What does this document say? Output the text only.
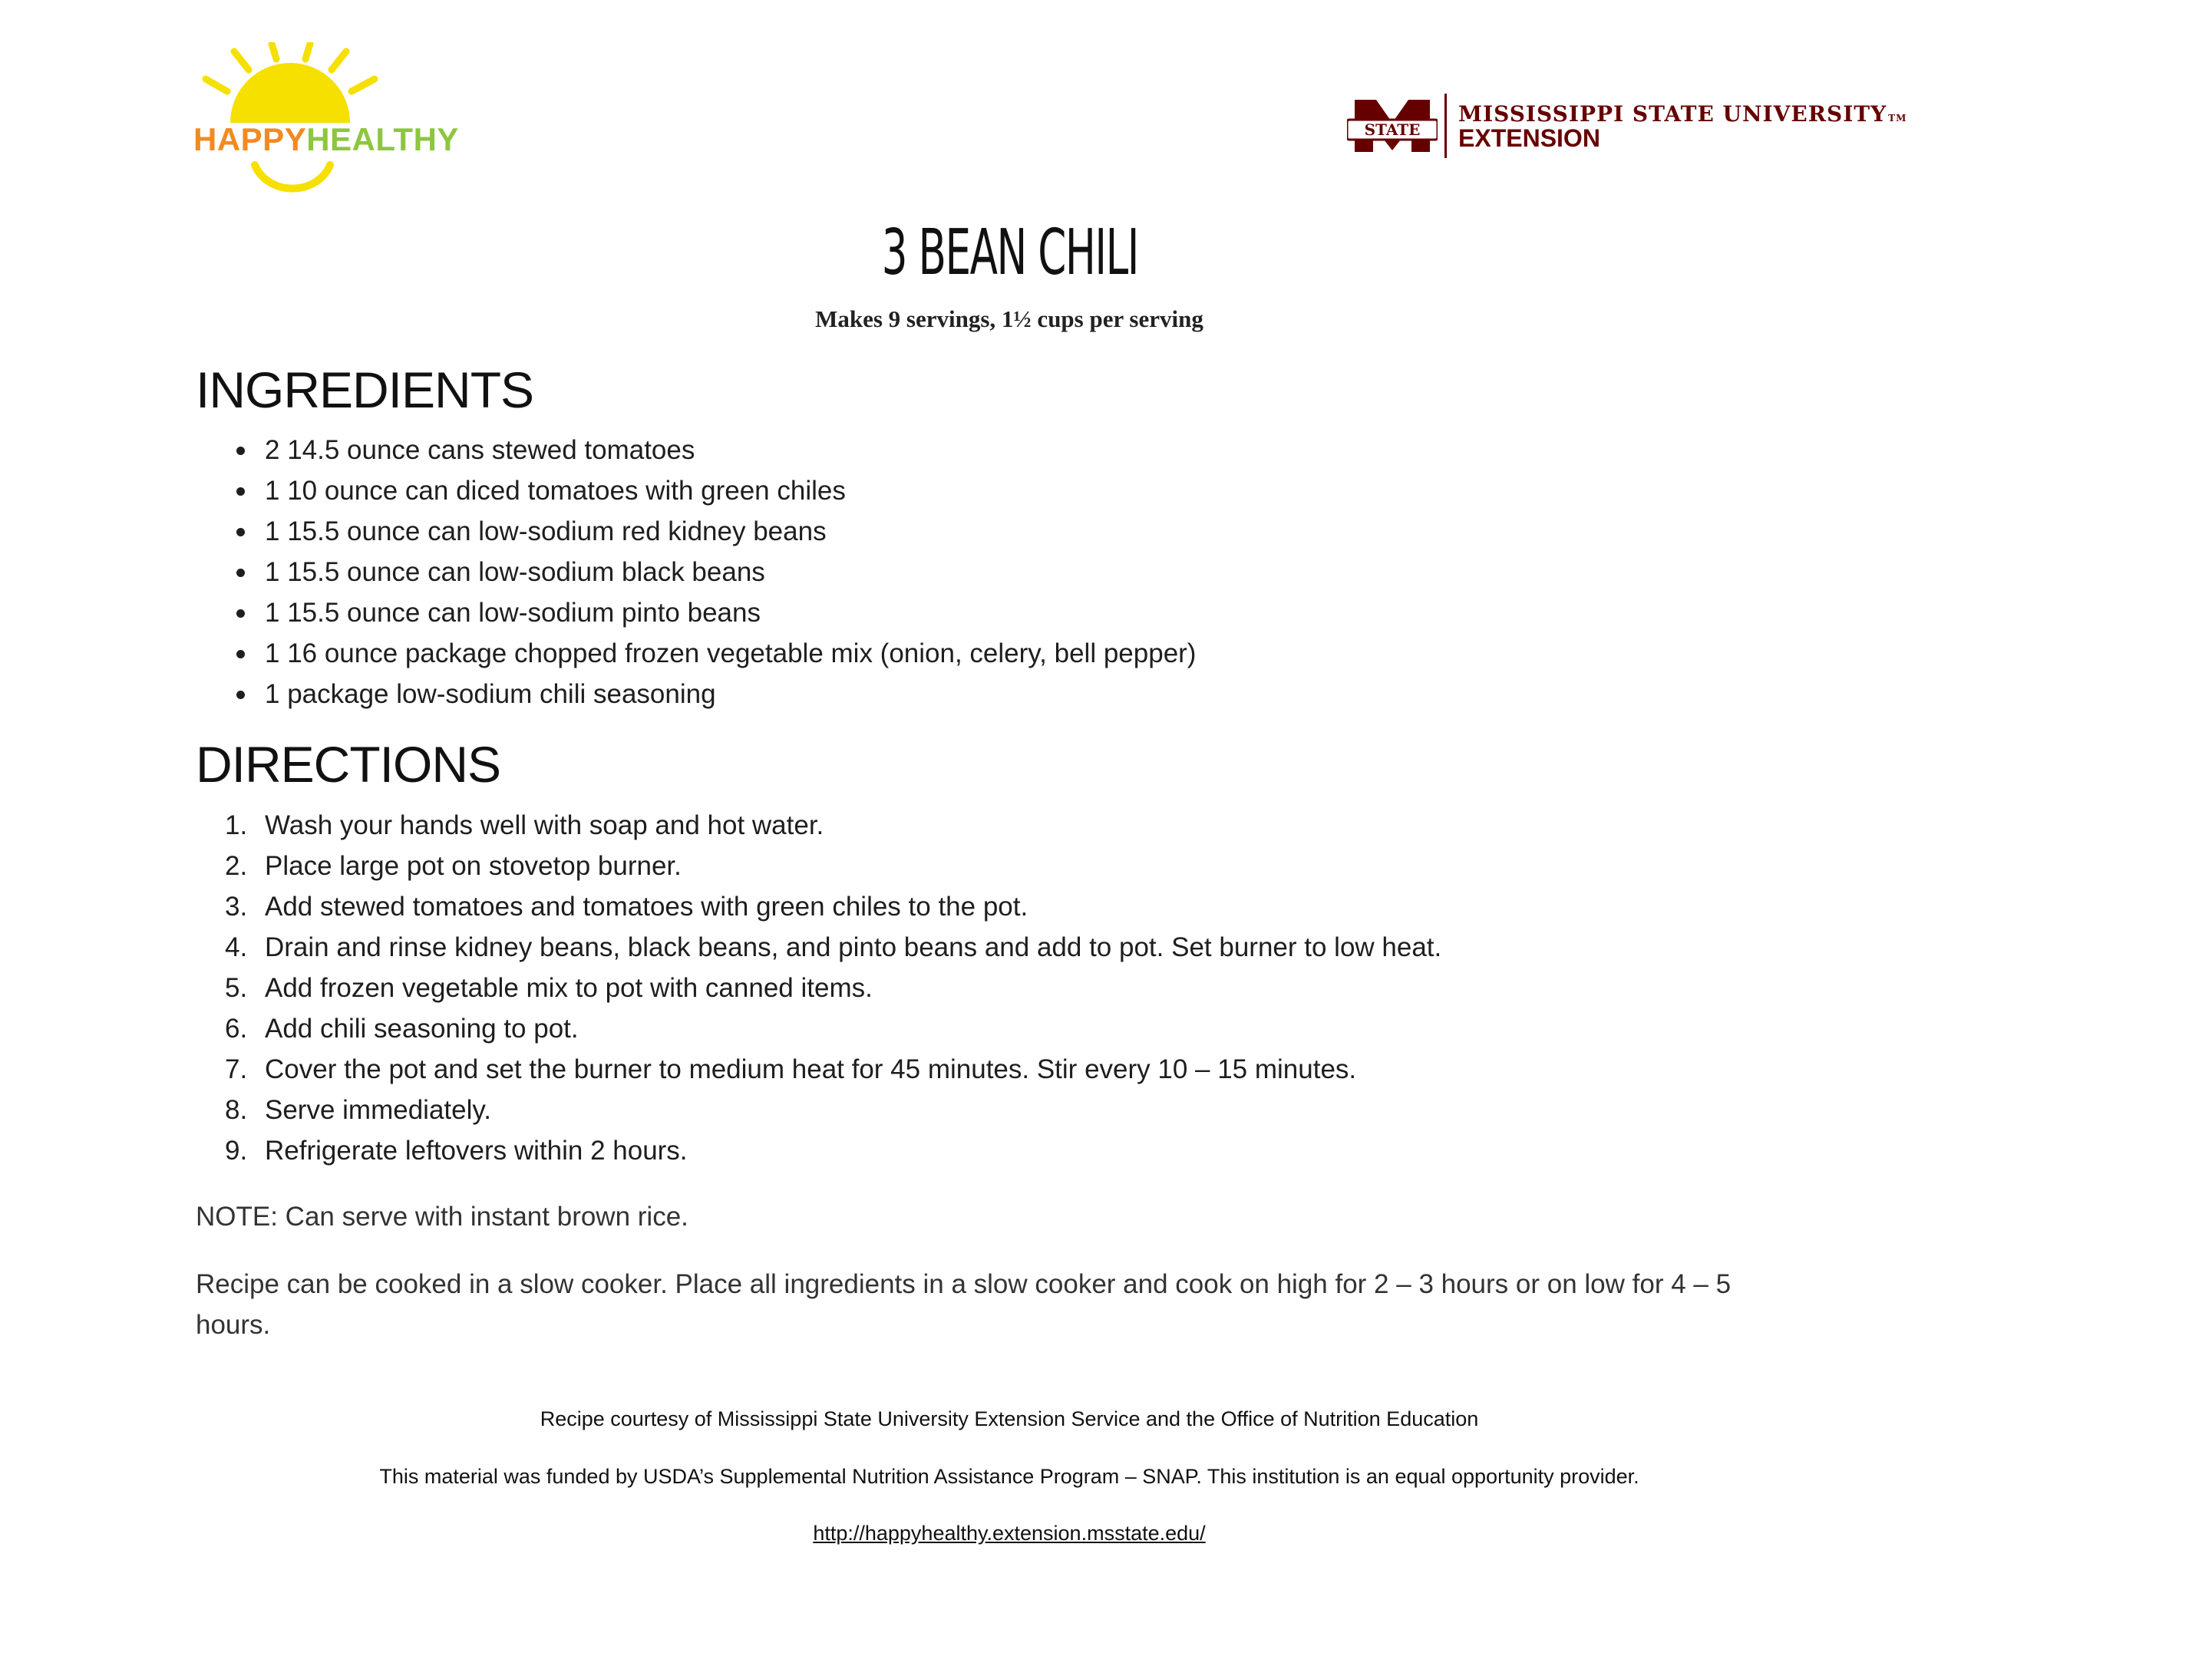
HAPPYHEALTHY	STATE
MISSISSIPPI STATE UNIVERSITY TM
EXTENSION
3 BEAN CHILI
Makes 9 servings, 1½ cups per serving
INGREDIENTS
2 14.5 ounce cans stewed tomatoes
1 10 ounce can diced tomatoes with green chiles
1 15.5 ounce can low-sodium red kidney beans
1 15.5 ounce can low-sodium black beans
1 15.5 ounce can low-sodium pinto beans
1 16 ounce package chopped frozen vegetable mix (onion, celery, bell pepper)
1 package low-sodium chili seasoning
DIRECTIONS
1. Wash your hands well with soap and hot water.
2. Place large pot on stovetop burner.
3. Add stewed tomatoes and tomatoes with green chiles to the pot.
4. Drain and rinse kidney beans, black beans, and pinto beans and add to pot. Set burner to low heat.
5. Add frozen vegetable mix to pot with canned items.
6. Add chili seasoning to pot.
7. Cover the pot and set the burner to medium heat for 45 minutes. Stir every 10 – 15 minutes.
8. Serve immediately.
9. Refrigerate leftovers within 2 hours.

NOTE: Can serve with instant brown rice.

Recipe can be cooked in a slow cooker. Place all ingredients in a slow cooker and cook on high for 2 – 3 hours or on low for 4 – 5 hours.

Recipe courtesy of Mississippi State University Extension Service and the Office of Nutrition Education

This material was funded by USDA’s Supplemental Nutrition Assistance Program – SNAP. This institution is an equal opportunity provider.

http://happyhealthy.extension.msstate.edu/
